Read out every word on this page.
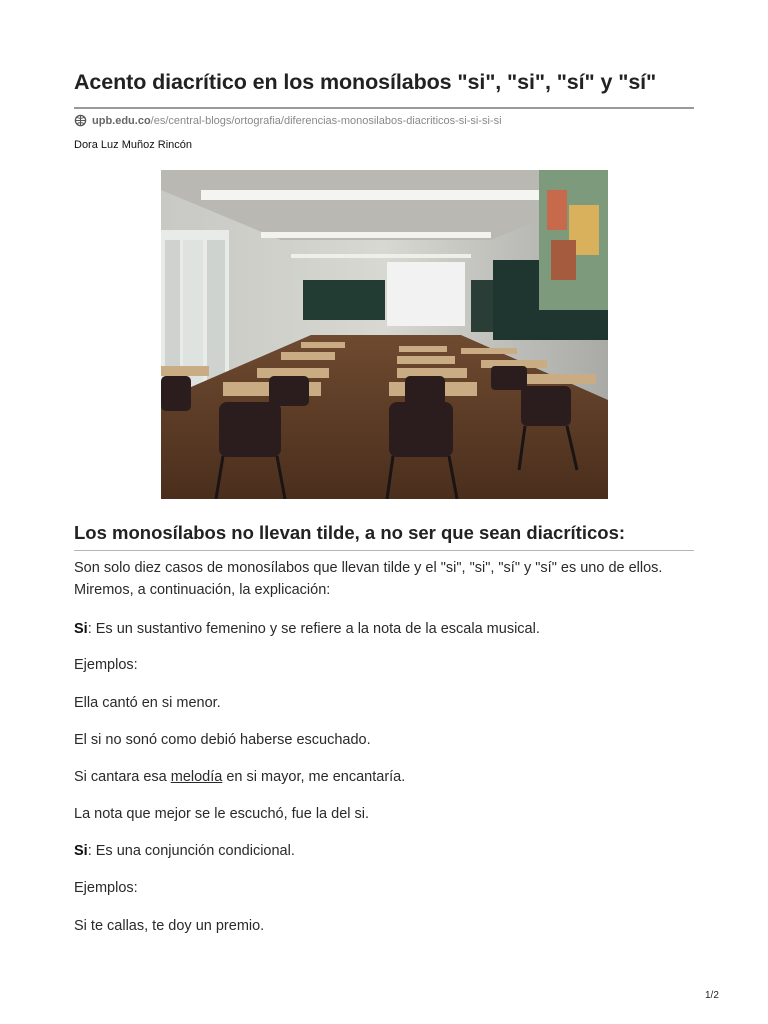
Acento diacrítico en los monosílabos "si", "si", "sí" y "sí"
upb.edu.co /es/central-blogs/ortografia/diferencias-monosilabos-diacriticos-si-si-si-si
Dora Luz Muñoz Rincón
Los monosílabos no llevan tilde, a no ser que sean diacríticos:
Son solo diez casos de monosílabos que llevan tilde y el "si", "si", "sí" y "sí" es uno de ellos.
Miremos, a continuación, la explicación:
Si: Es un sustantivo femenino y se refiere a la nota de la escala musical.
Ejemplos:
Ella cantó en si menor.
El si no sonó como debió haberse escuchado.
Si cantara esa melodía en si mayor, me encantaría.
La nota que mejor se le escuchó, fue la del si.
Si: Es una conjunción condicional.
Ejemplos:
Si te callas, te doy un premio.
1/2
